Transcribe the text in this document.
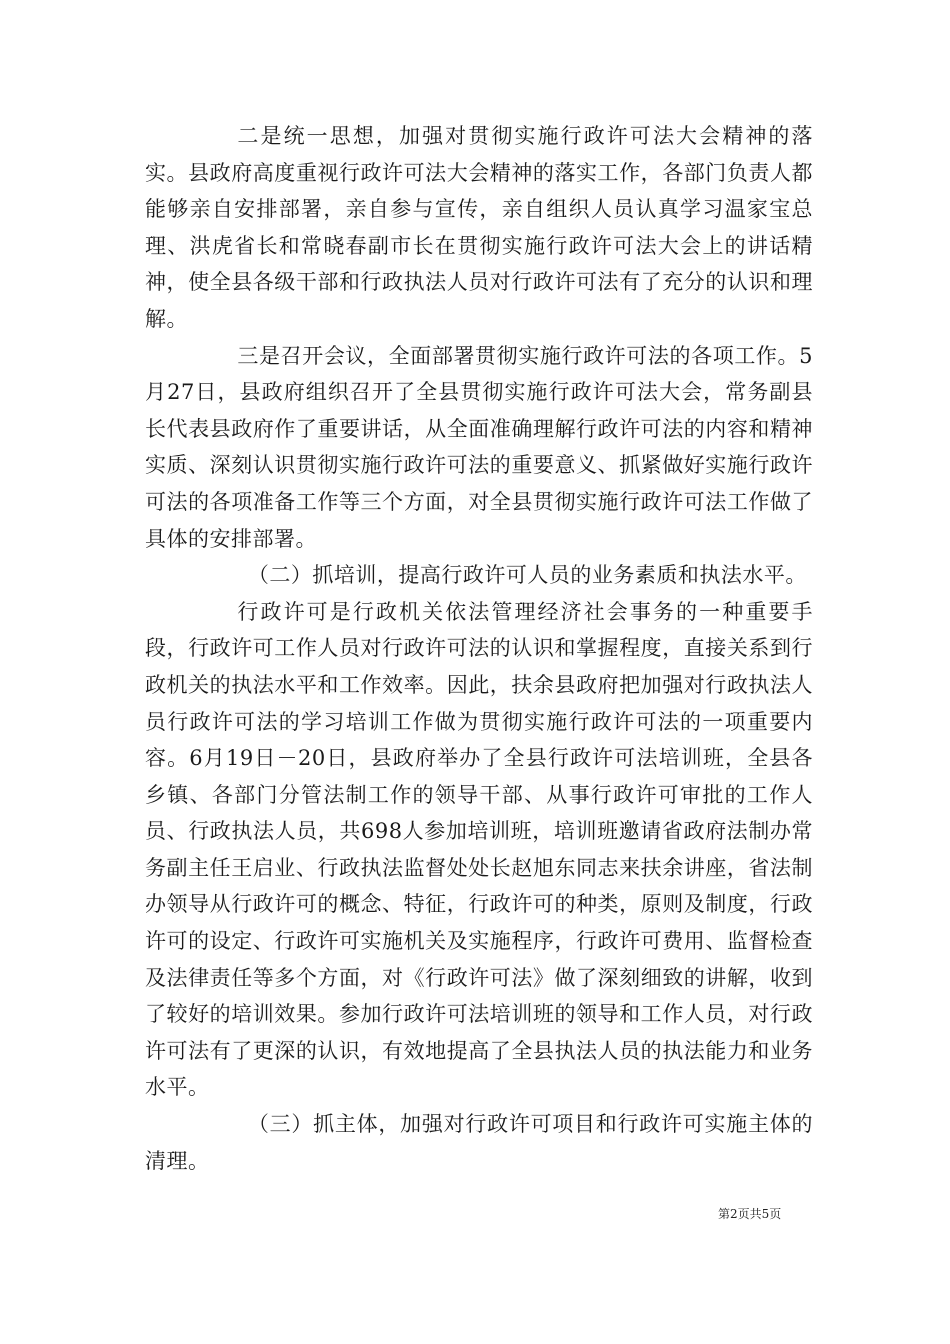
二是统一思想，加强对贯彻实施行政许可法大会精神的落实。县政府高度重视行政许可法大会精神的落实工作，各部门负责人都能够亲自安排部署，亲自参与宣传，亲自组织人员认真学习温家宝总理、洪虎省长和常晓春副市长在贯彻实施行政许可法大会上的讲话精神，使全县各级干部和行政执法人员对行政许可法有了充分的认识和理解。

三是召开会议，全面部署贯彻实施行政许可法的各项工作。5月27日，县政府组织召开了全县贯彻实施行政许可法大会，常务副县长代表县政府作了重要讲话，从全面准确理解行政许可法的内容和精神实质、深刻认识贯彻实施行政许可法的重要意义、抓紧做好实施行政许可法的各项准备工作等三个方面，对全县贯彻实施行政许可法工作做了具体的安排部署。

（二）抓培训，提高行政许可人员的业务素质和执法水平。

行政许可是行政机关依法管理经济社会事务的一种重要手段，行政许可工作人员对行政许可法的认识和掌握程度，直接关系到行政机关的执法水平和工作效率。因此，扶余县政府把加强对行政执法人员行政许可法的学习培训工作做为贯彻实施行政许可法的一项重要内容。6月19日－20日，县政府举办了全县行政许可法培训班，全县各乡镇、各部门分管法制工作的领导干部、从事行政许可审批的工作人员、行政执法人员，共698人参加培训班，培训班邀请省政府法制办常务副主任王启业、行政执法监督处处长赵旭东同志来扶余讲座，省法制办领导从行政许可的概念、特征，行政许可的种类，原则及制度，行政许可的设定、行政许可实施机关及实施程序，行政许可费用、监督检查及法律责任等多个方面，对《行政许可法》做了深刻细致的讲解，收到了较好的培训效果。参加行政许可法培训班的领导和工作人员，对行政许可法有了更深的认识，有效地提高了全县执法人员的执法能力和业务水平。

（三）抓主体，加强对行政许可项目和行政许可实施主体的清理。

第2页共5页
